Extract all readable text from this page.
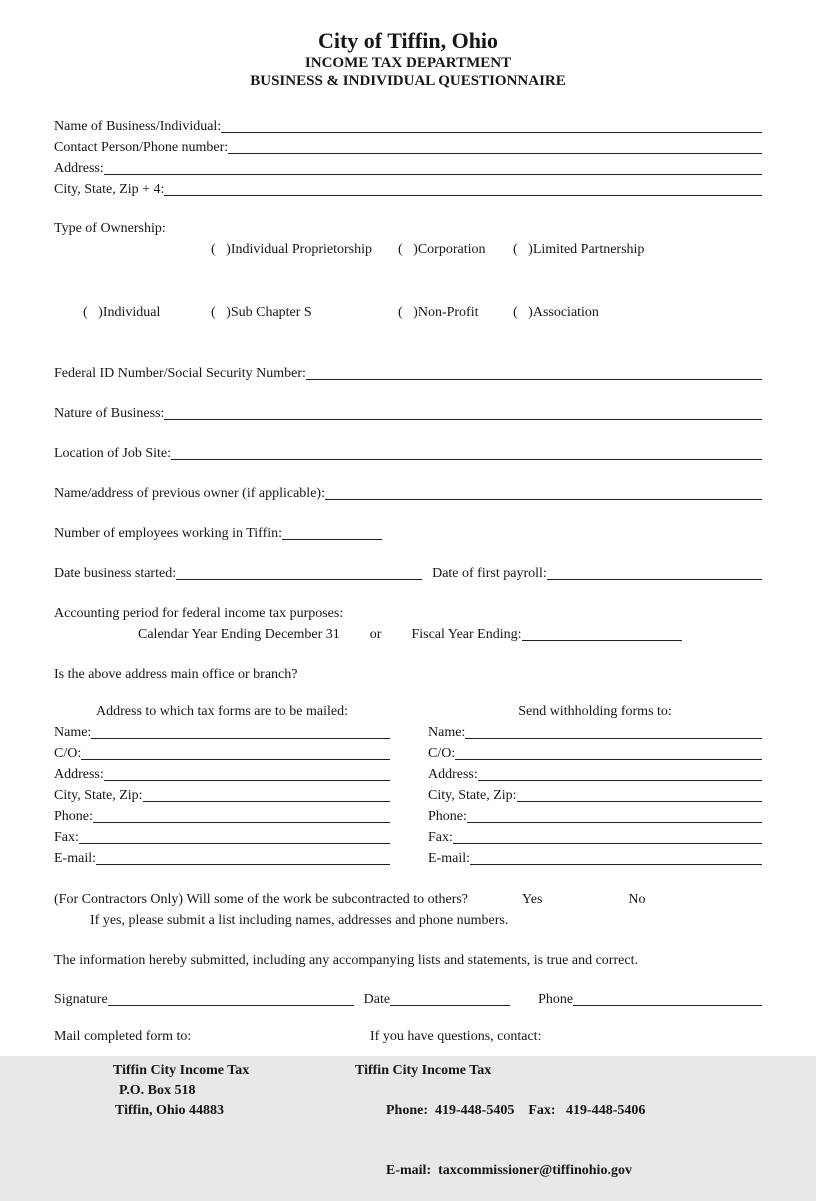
City of Tiffin, Ohio
INCOME TAX DEPARTMENT
BUSINESS & INDIVIDUAL QUESTIONNAIRE
Name of Business/Individual:
Contact Person/Phone number:
Address:
City, State, Zip + 4:
Type of Ownership:

(   )Individual Proprietorship
	(   )Corporation
	(   )Limited Partnership

(   )Individual
	(   )Sub Chapter S
	(   )Non-Profit
	(   )Association

Federal ID Number/Social Security Number:
Nature of Business:
Location of Job Site:
Name/address of previous owner (if applicable):
Number of employees working in Tiffin:
Date business started:	Date of first payroll:
Accounting period for federal income tax purposes:
Calendar Year Ending December 31 or Fiscal Year Ending:
Is the above address main office or branch?
Address to which tax forms are to be mailed:
Name:
C/O:
Address:
City, State, Zip:
Phone:
Fax:
E-mail:
Send withholding forms to:
Name:
C/O:
Address:
City, State, Zip:
Phone:
Fax:
E-mail:
(For Contractors Only) Will some of the work be subcontracted to others?	Yes	No
If yes, please submit a list including names, addresses and phone numbers.
The information hereby submitted, including any accompanying lists and statements, is true and correct.
Signature	Date	Phone
Mail completed form to:	If you have questions, contact:
Tiffin City Income Tax
P.O. Box 518
Tiffin, Ohio 44883
Tiffin City Income Tax

Phone:  419-448-5405    Fax:   419-448-5406

E-mail:  taxcommissioner@tiffinohio.gov
